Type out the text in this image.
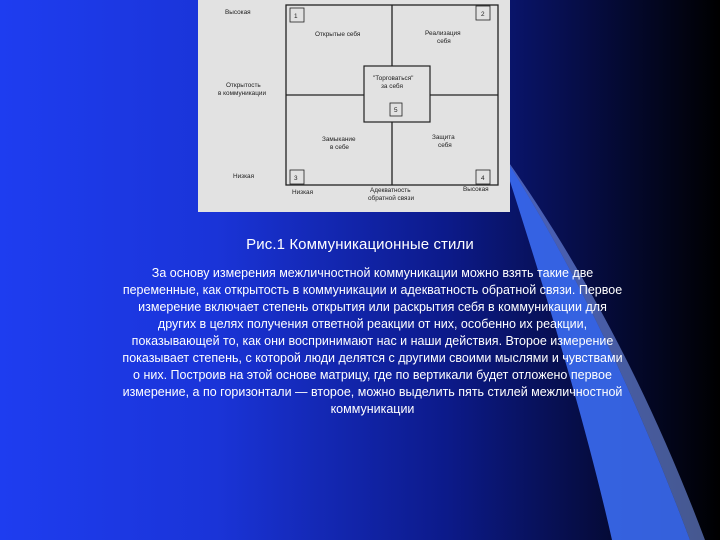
1	2
5
3	4
Высокая
Открытость
в коммуникации
Низкая
Низкая	Адекватность
обратной связи
Высокая
Открытые себя	Реализация
себя
"Торговаться"
за себя
Замыкание
в себе
Защита
себя
Рис.1 Коммуникационные стили
За основу измерения межличностной коммуникации можно взять такие две переменные, как открытость в коммуникации и адекватность обратной связи. Первое измерение включает степень открытия или раскрытия себя в коммуникации для других в целях получения ответной реакции от них, особенно их реакции, показывающей то, как они воспринимают нас и наши действия. Второе измерение показывает степень, с которой люди делятся с другими своими мыслями и чувствами о них. Построив на этой основе матрицу, где по вертикали будет отложено первое измерение, а по горизонтали — второе, можно выделить пять стилей межличностной коммуникации
